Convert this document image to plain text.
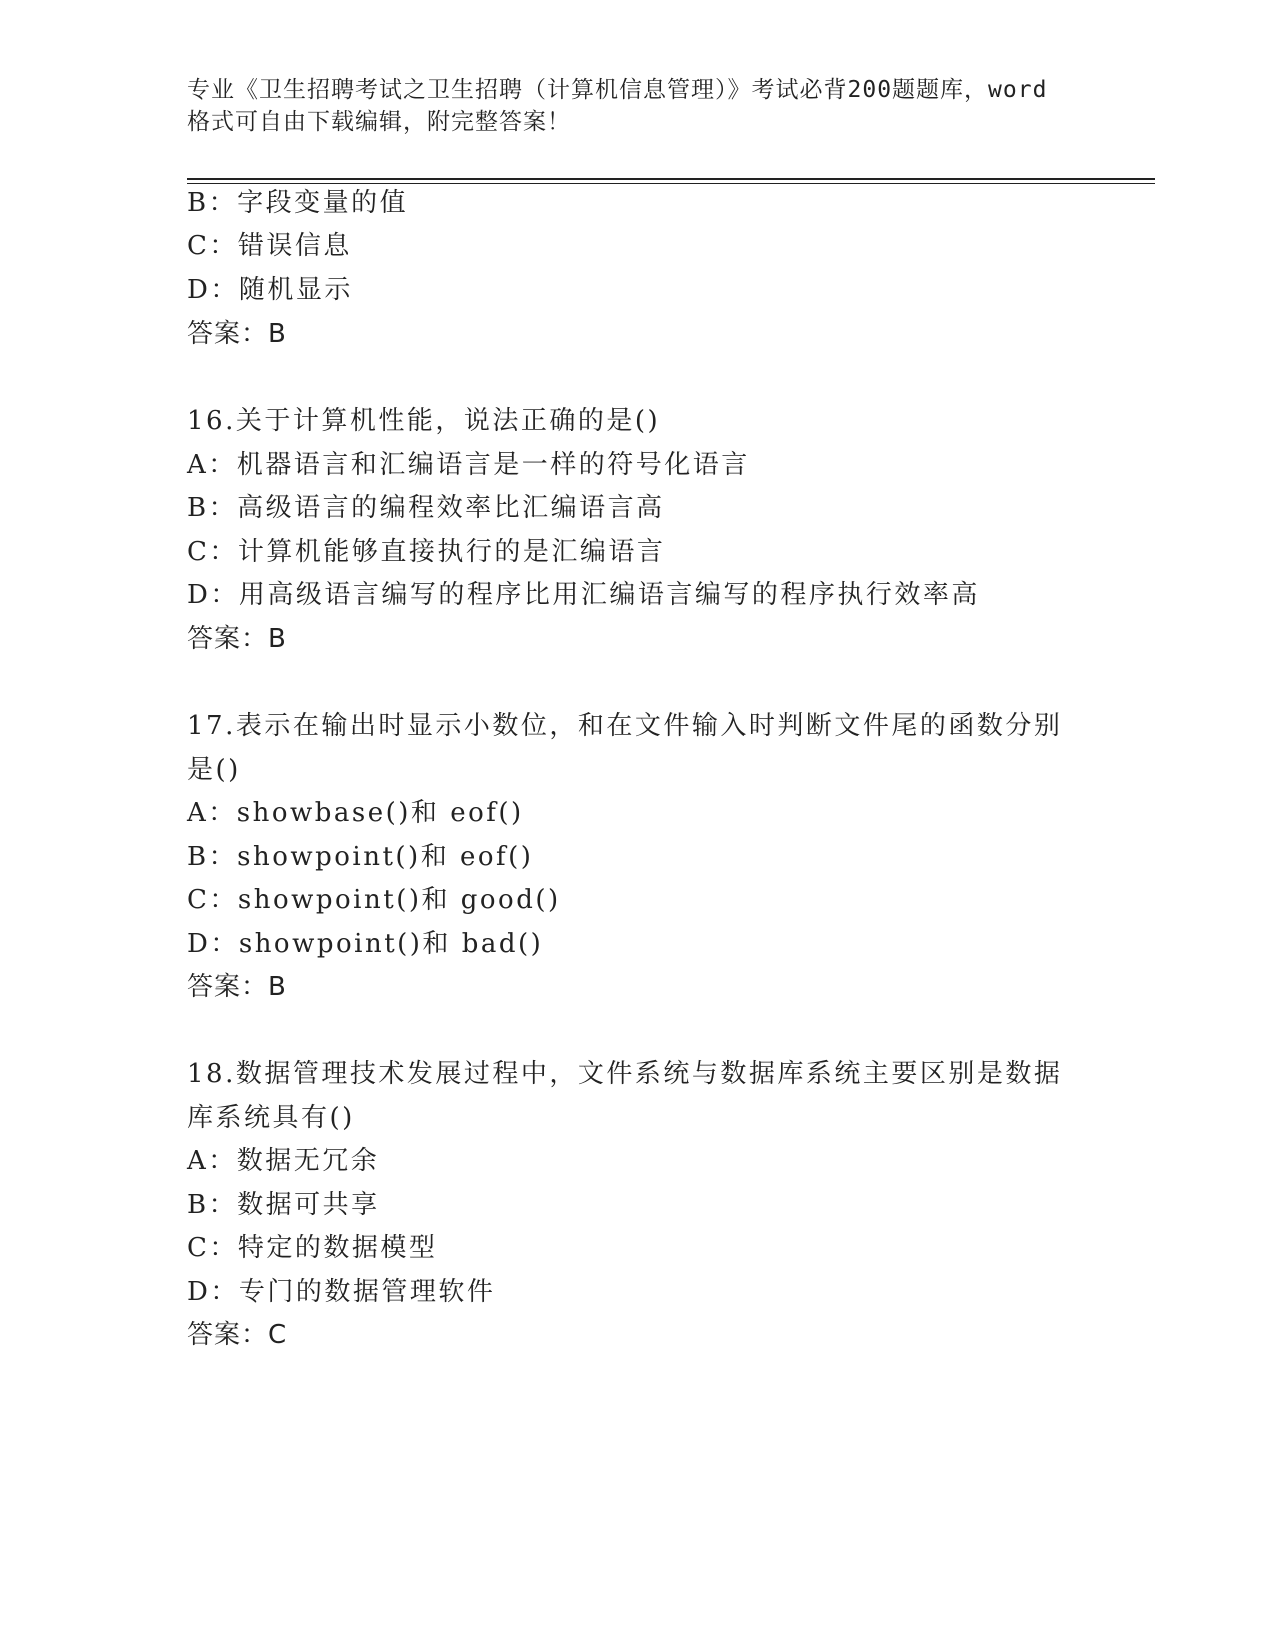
专业《卫生招聘考试之卫生招聘（计算机信息管理）》考试必背200题题库，word
格式可自由下载编辑，附完整答案！
B：字段变量的值
C：错误信息
D：随机显示
答案：B
16.关于计算机性能，说法正确的是()
A：机器语言和汇编语言是一样的符号化语言
B：高级语言的编程效率比汇编语言高
C：计算机能够直接执行的是汇编语言
D：用高级语言编写的程序比用汇编语言编写的程序执行效率高
答案：B
17.表示在输出时显示小数位，和在文件输入时判断文件尾的函数分别
是()
A：showbase()和 eof()
B：showpoint()和 eof()
C：showpoint()和 good()
D：showpoint()和 bad()
答案：B
18.数据管理技术发展过程中，文件系统与数据库系统主要区别是数据
库系统具有()
A：数据无冗余
B：数据可共享
C：特定的数据模型
D：专门的数据管理软件
答案：C
